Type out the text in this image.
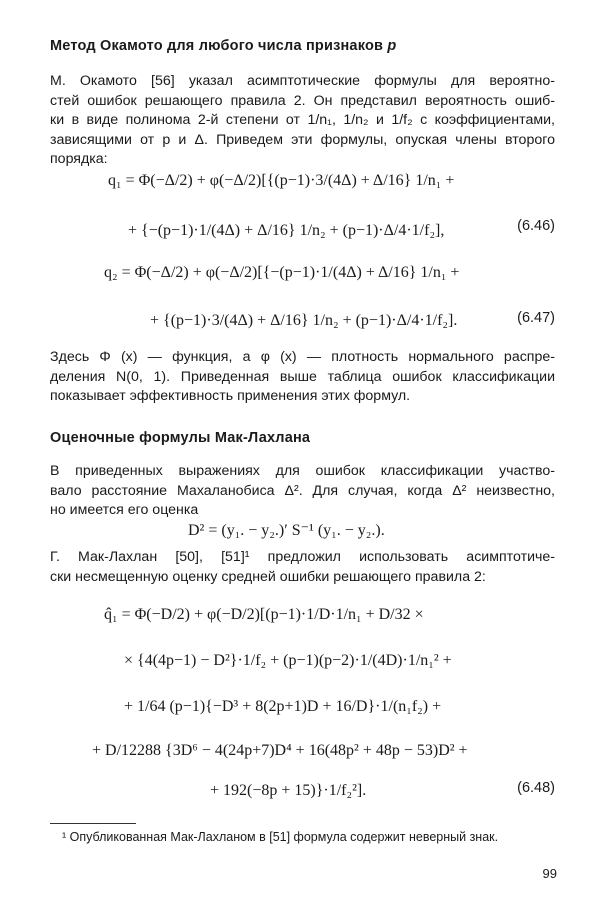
Метод Окамото для любого числа признаков p
М. Окамото [56] указал асимптотические формулы для вероятно-
стей ошибок решающего правила 2. Он представил вероятность ошиб-
ки в виде полинома 2-й степени от 1/n₁, 1/n₂ и 1/f₂ с коэффициентами,
зависящими от p и Δ. Приведем эти формулы, опуская члены второго
порядка:
q₁ = Φ(−Δ/2) + φ(−Δ/2)[{(p−1)·3/(4Δ) + Δ/16} 1/n₁ +
+ {−(p−1)·1/(4Δ) + Δ/16} 1/n₂ + (p−1)·Δ/4·1/f₂],	(6.46)
q₂ = Φ(−Δ/2) + φ(−Δ/2)[{−(p−1)·1/(4Δ) + Δ/16} 1/n₁ +
+ {(p−1)·3/(4Δ) + Δ/16} 1/n₂ + (p−1)·Δ/4·1/f₂].	(6.47)
Здесь Φ (x) — функция, а φ (x) — плотность нормального распре-
деления N(0, 1). Приведенная выше таблица ошибок классификации
показывает эффективность применения этих формул.
Оценочные формулы Мак-Лахлана
В приведенных выражениях для ошибок классификации участво-
вало расстояние Махаланобиса Δ². Для случая, когда Δ² неизвестно,
но имеется его оценка
D² = (y₁. − y₂.)′ S⁻¹ (y₁. − y₂.).
Г. Мак-Лахлан [50], [51]¹ предложил использовать асимптотиче-
ски несмещенную оценку средней ошибки решающего правила 2:
q̂₁ = Φ(−D/2) + φ(−D/2)[(p−1)·1/D·1/n₁ + D/32 ×
× {4(4p−1) − D²}·1/f₂ + (p−1)(p−2)·1/(4D)·1/n₁² +
+ 1/64 (p−1){−D³ + 8(2p+1)D + 16/D}·1/(n₁f₂) +
+ D/12288 {3D⁶ − 4(24p+7)D⁴ + 16(48p² + 48p − 53)D² +
+ 192(−8p + 15)}·1/f₂²].	(6.48)
¹ Опубликованная Мак-Лахланом в [51] формула содержит неверный знак.
99
